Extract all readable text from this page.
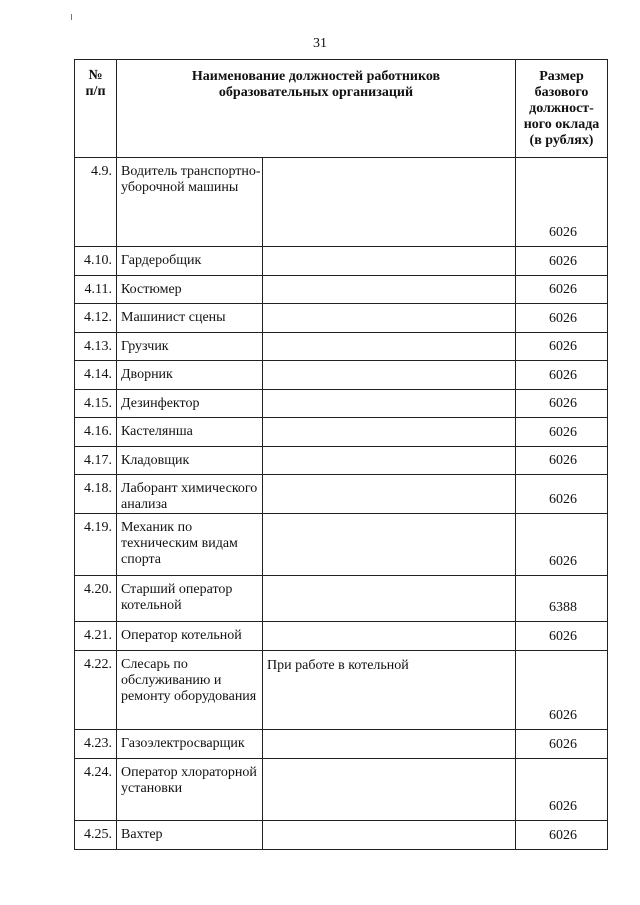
31
№ п/п	Наименование должностей работников образовательных организаций		Размер базового должност-ного оклада (в рублях)

4.9.	Водитель транспортно-уборочной машины		6026
4.10.	Гардеробщик		6026
4.11.	Костюмер		6026
4.12.	Машинист сцены		6026
4.13.	Грузчик		6026
4.14.	Дворник		6026
4.15.	Дезинфектор		6026
4.16.	Кастелянша		6026
4.17.	Кладовщик		6026
4.18.	Лаборант химического анализа		6026
4.19.	Механик по техническим видам спорта		6026
4.20.	Старший оператор котельной		6388
4.21.	Оператор котельной		6026
4.22.	Слесарь по обслуживанию и ремонту оборудования	При работе в котельной	6026
4.23.	Газоэлектросварщик		6026
4.24.	Оператор хлораторной установки		6026
4.25.	Вахтер		6026
